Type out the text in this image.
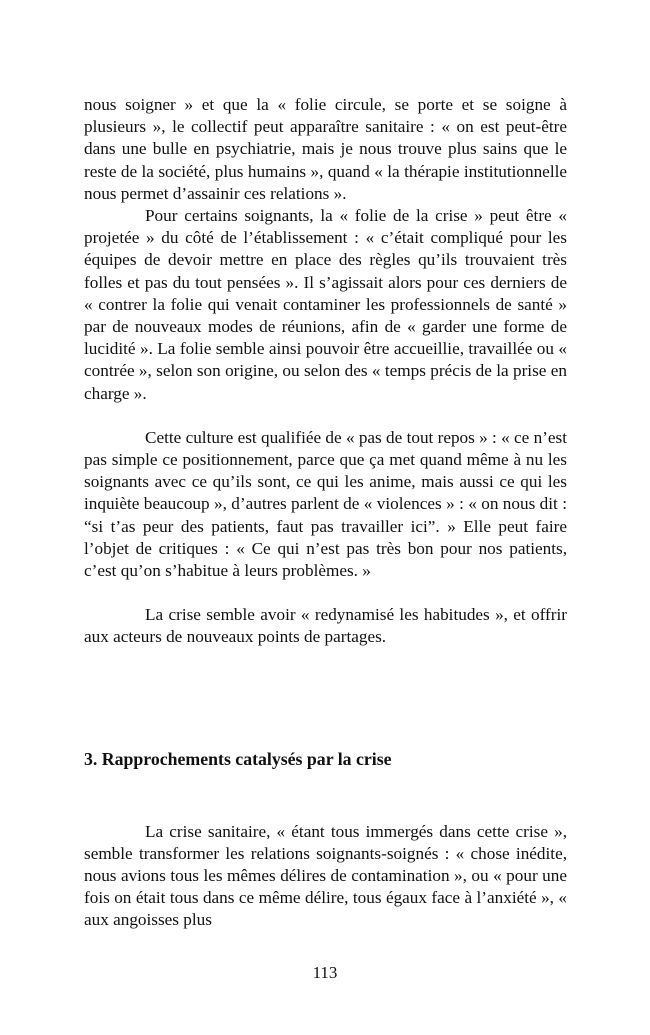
nous soigner » et que la « folie circule, se porte et se soigne à plusieurs », le collectif peut apparaître sanitaire : « on est peut-être dans une bulle en psychiatrie, mais je nous trouve plus sains que le reste de la société, plus humains », quand « la thérapie institutionnelle nous permet d’assainir ces relations ».

Pour certains soignants, la « folie de la crise » peut être « projetée » du côté de l’établissement : « c’était compliqué pour les équipes de devoir mettre en place des règles qu’ils trouvaient très folles et pas du tout pensées ». Il s’agissait alors pour ces derniers de « contrer la folie qui venait contaminer les professionnels de santé » par de nouveaux modes de réunions, afin de « garder une forme de lucidité ». La folie semble ainsi pouvoir être accueillie, travaillée ou « contrée », selon son origine, ou selon des « temps précis de la prise en charge ».

Cette culture est qualifiée de « pas de tout repos » : « ce n’est pas simple ce positionnement, parce que ça met quand même à nu les soignants avec ce qu’ils sont, ce qui les anime, mais aussi ce qui les inquiète beaucoup », d’autres parlent de « violences » : « on nous dit : “si t’as peur des patients, faut pas travailler ici”. » Elle peut faire l’objet de critiques : « Ce qui n’est pas très bon pour nos patients, c’est qu’on s’habitue à leurs problèmes. »

La crise semble avoir « redynamisé les habitudes », et offrir aux acteurs de nouveaux points de partages.

3. Rapprochements catalysés par la crise

La crise sanitaire, « étant tous immergés dans cette crise », semble transformer les relations soignants-soignés : « chose inédite, nous avions tous les mêmes délires de contamination », ou « pour une fois on était tous dans ce même délire, tous égaux face à l’anxiété », « aux angoisses plus

113
